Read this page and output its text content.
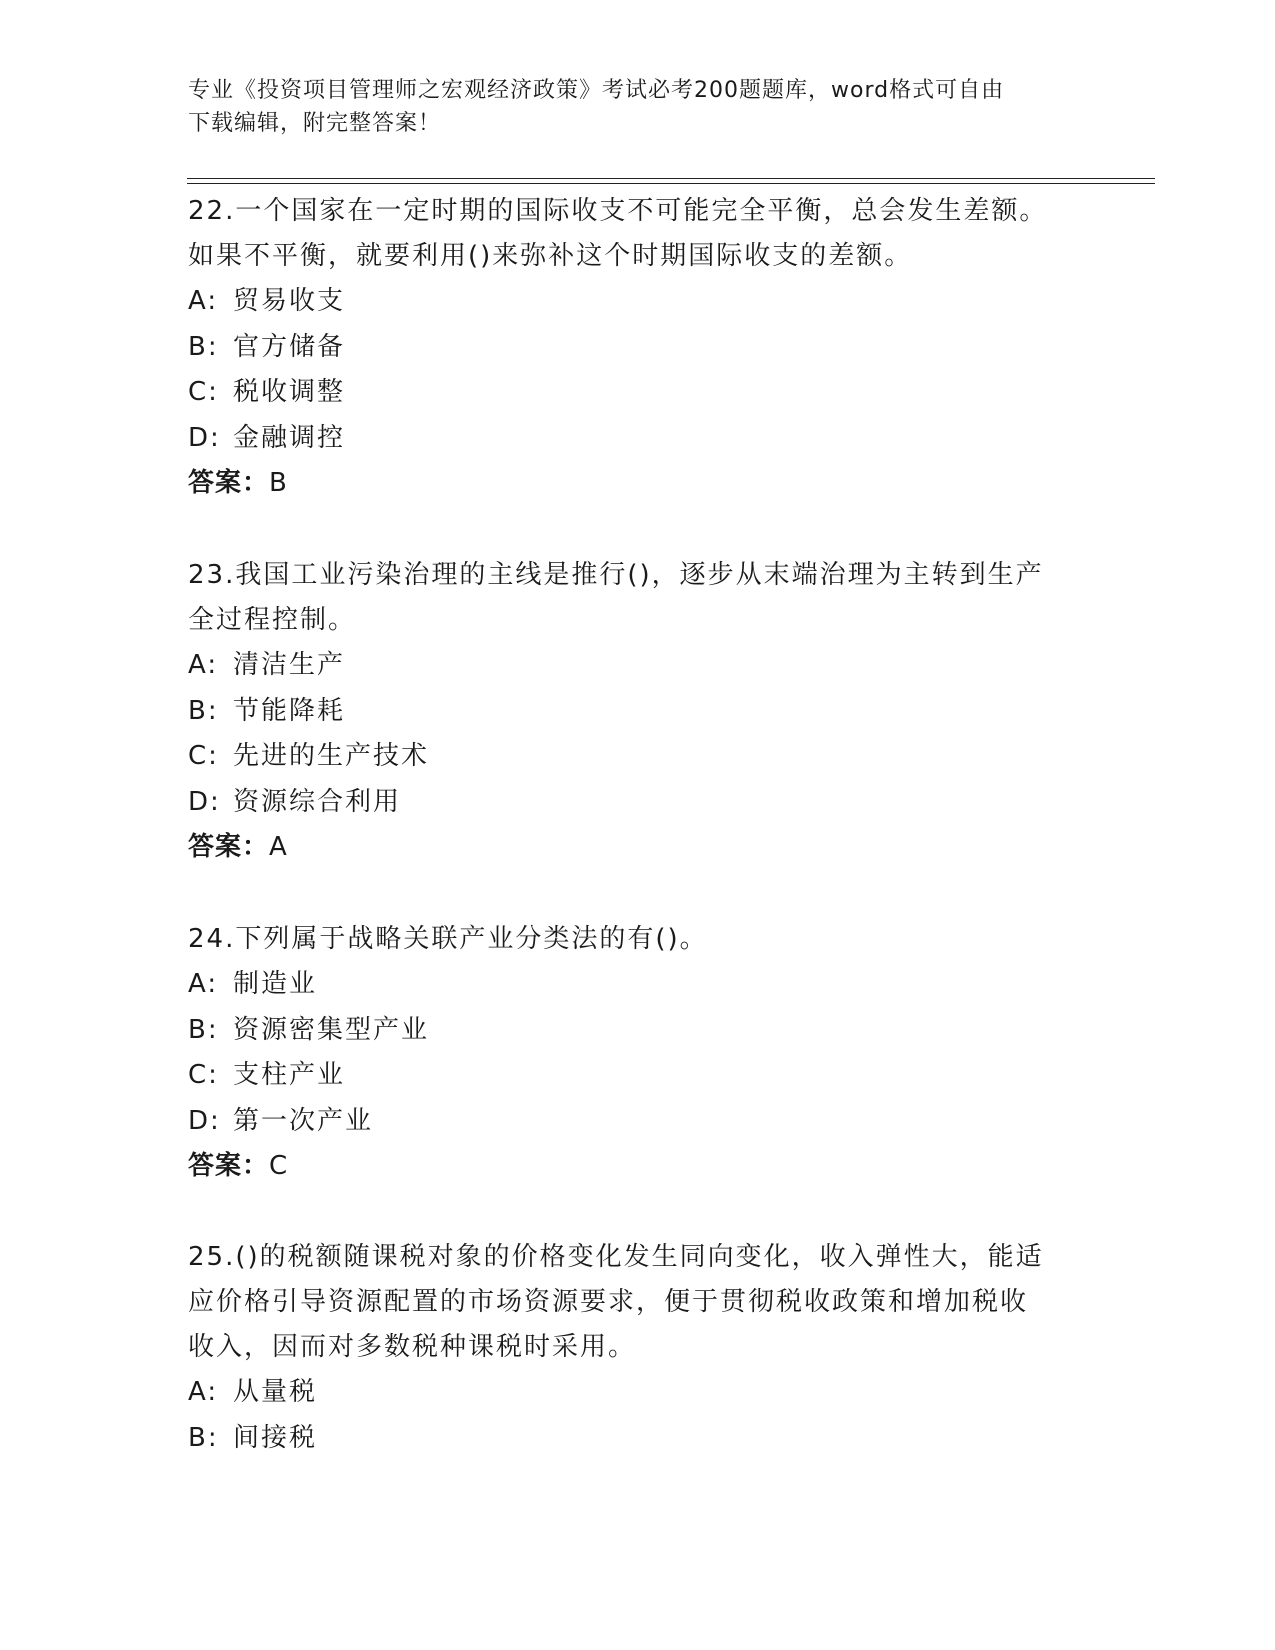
专业《投资项目管理师之宏观经济政策》考试必考200题题库，word格式可自由
下载编辑，附完整答案！

22.一个国家在一定时期的国际收支不可能完全平衡，总会发生差额。

如果不平衡，就要利用()来弥补这个时期国际收支的差额。

A: 贸易收支

B: 官方储备

C: 税收调整

D: 金融调控

答案：B

23.我国工业污染治理的主线是推行()，逐步从末端治理为主转到生产

全过程控制。

A: 清洁生产

B: 节能降耗

C: 先进的生产技术

D: 资源综合利用

答案：A

24.下列属于战略关联产业分类法的有()。

A: 制造业

B: 资源密集型产业

C: 支柱产业

D: 第一次产业

答案：C

25.()的税额随课税对象的价格变化发生同向变化，收入弹性大，能适

应价格引导资源配置的市场资源要求，便于贯彻税收政策和增加税收

收入，因而对多数税种课税时采用。

A: 从量税

B: 间接税
